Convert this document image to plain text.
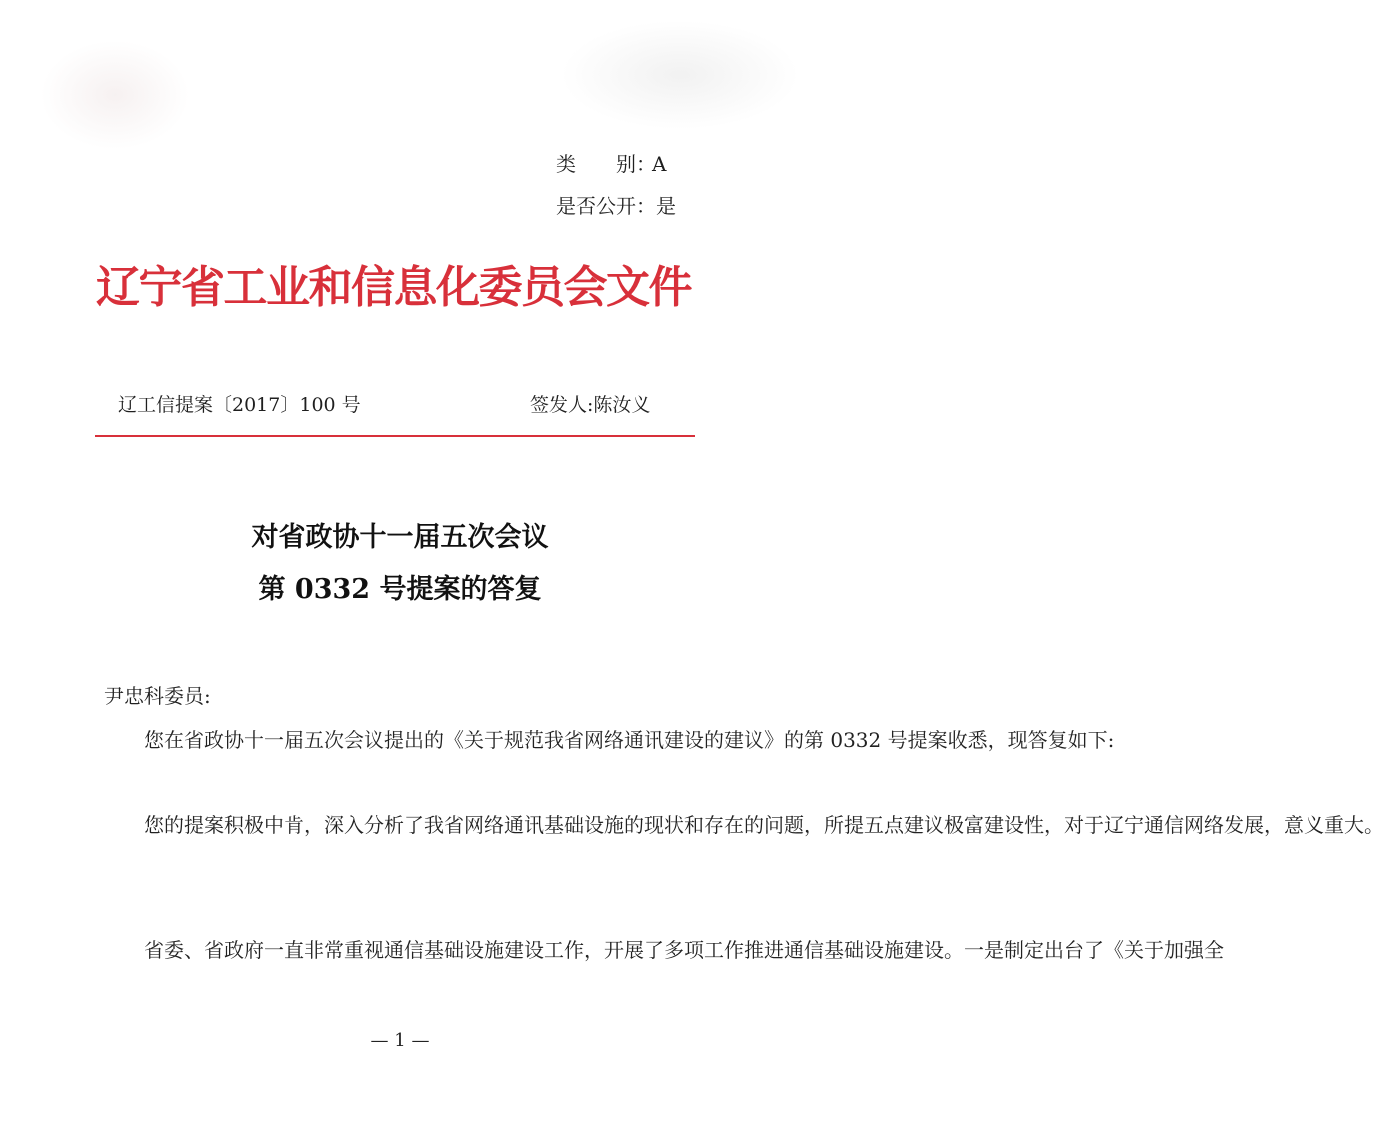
类　　别：A
是否公开：是
辽宁省工业和信息化委员会文件
辽工信提案〔2017〕100 号	签发人:陈汝义
对省政协十一届五次会议
第 0332 号提案的答复
尹忠科委员:

您在省政协十一届五次会议提出的《关于规范我省网络通讯建设的建议》的第 0332 号提案收悉，现答复如下:

您的提案积极中肯，深入分析了我省网络通讯基础设施的现状和存在的问题，所提五点建议极富建设性，对于辽宁通信网络发展，意义重大。

省委、省政府一直非常重视通信基础设施建设工作，开展了多项工作推进通信基础设施建设。一是制定出台了《关于加强全

— 1 —
